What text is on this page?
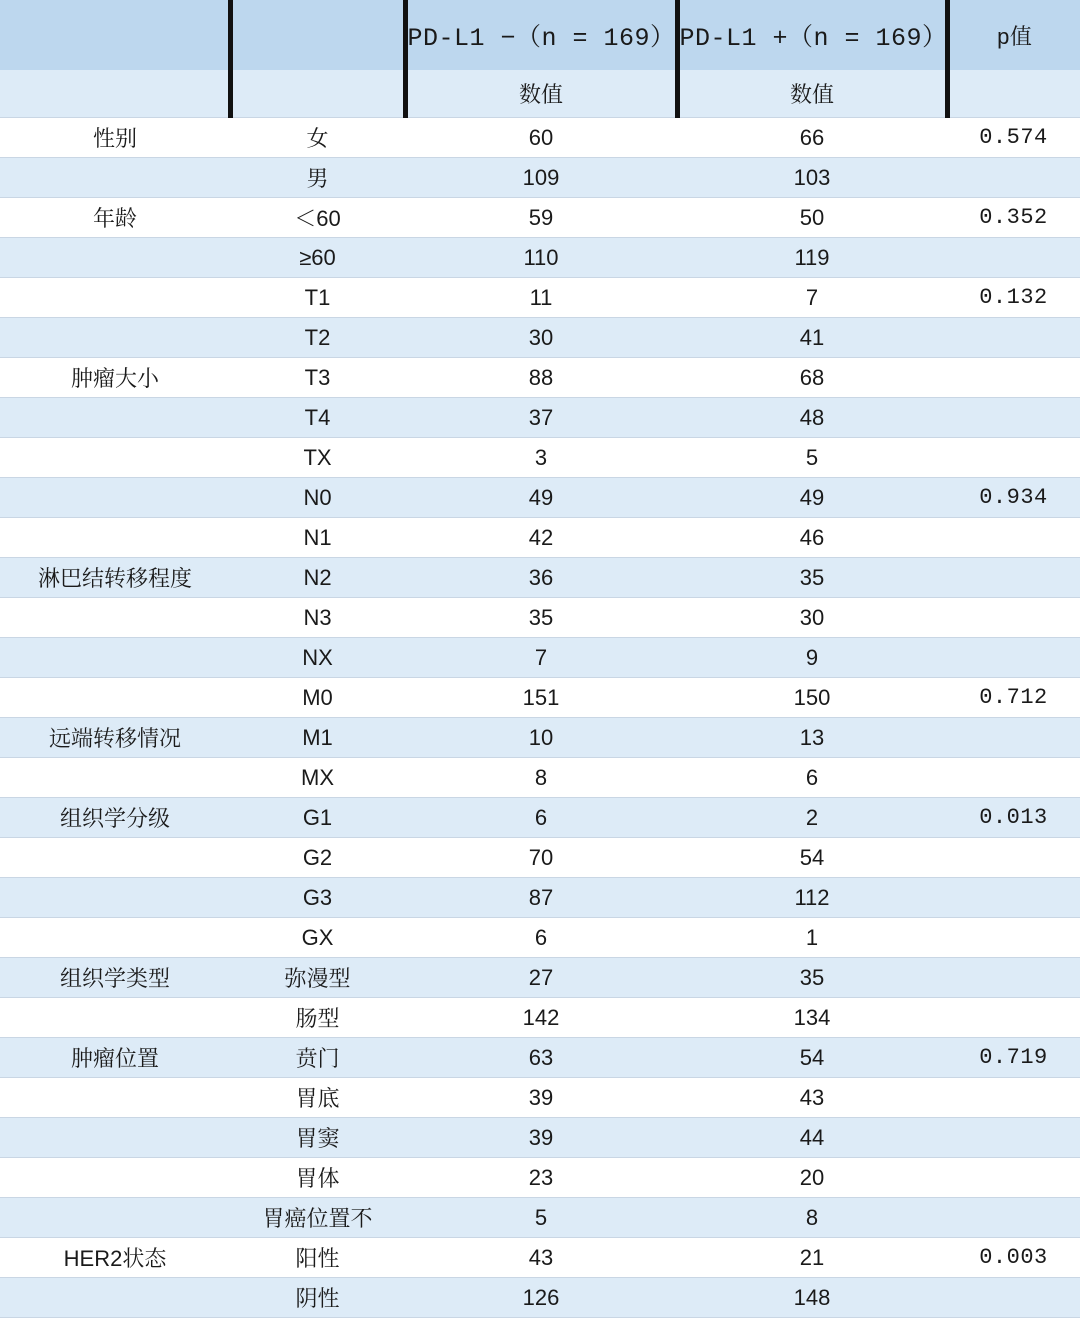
		PD-L1 −（n = 169）	PD-L1 +（n = 169）	p值
		数值	数值	
性别	女	60	66	0.574
	男	109	103	
年龄	＜60	59	50	0.352
	≥60	110	119	
	T1	11	7	0.132
	T2	30	41	
肿瘤大小	T3	88	68	
	T4	37	48	
	TX	3	5	
	N0	49	49	0.934
	N1	42	46	
淋巴结转移程度	N2	36	35	
	N3	35	30	
	NX	7	9	
	M0	151	150	0.712
远端转移情况	M1	10	13	
	MX	8	6	
组织学分级	G1	6	2	0.013
	G2	70	54	
	G3	87	112	
	GX	6	1	
组织学类型	弥漫型	27	35	
	肠型	142	134	
肿瘤位置	贲门	63	54	0.719
	胃底	39	43	
	胃窦	39	44	
	胃体	23	20	
	胃癌位置不	5	8	
HER2状态	阳性	43	21	0.003
	阴性	126	148	
